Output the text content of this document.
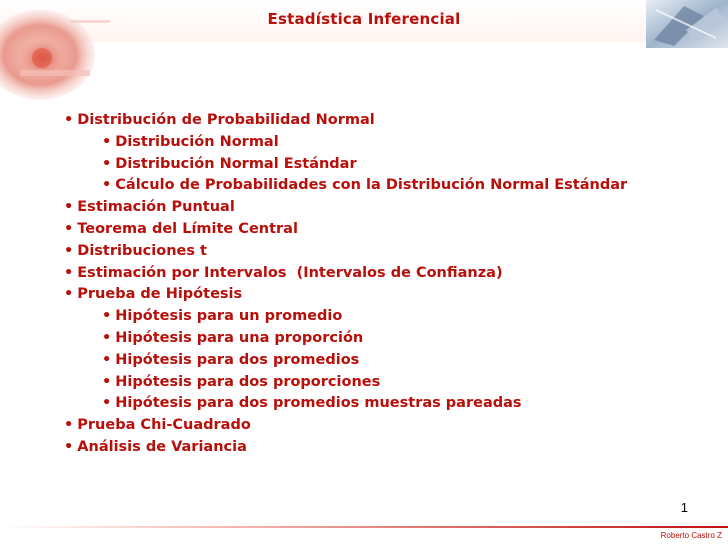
Estadística Inferencial
• Distribución de Probabilidad Normal
• Distribución Normal
• Distribución Normal Estándar
• Cálculo de Probabilidades con la Distribución Normal Estándar
• Estimación Puntual
• Teorema del Límite Central
• Distribuciones t
• Estimación por Intervalos  (Intervalos de Confianza)
• Prueba de Hipótesis
• Hipótesis para un promedio
• Hipótesis para una proporción
• Hipótesis para dos promedios
• Hipótesis para dos proporciones
• Hipótesis para dos promedios muestras pareadas
• Prueba Chi-Cuadrado
• Análisis de Variancia
1
Roberto Castro Z
